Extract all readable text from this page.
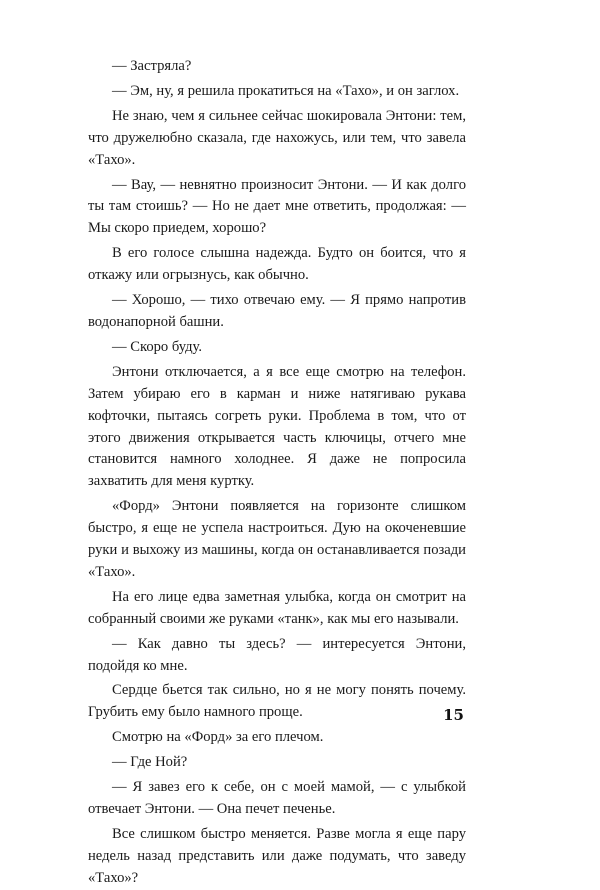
— Застряла?

— Эм, ну, я решила прокатиться на «Тахо», и он заглох.

Не знаю, чем я сильнее сейчас шокировала Энтони: тем, что дружелюбно сказала, где нахожусь, или тем, что завела «Тахо».

— Вау, — невнятно произносит Энтони. — И как долго ты там стоишь? — Но не дает мне ответить, продолжая: — Мы скоро приедем, хорошо?

В его голосе слышна надежда. Будто он боится, что я откажу или огрызнусь, как обычно.

— Хорошо, — тихо отвечаю ему. — Я прямо напротив водонапорной башни.

— Скоро буду.

Энтони отключается, а я все еще смотрю на телефон. Затем убираю его в карман и ниже натягиваю рукава кофточки, пытаясь согреть руки. Проблема в том, что от этого движения открывается часть ключицы, отчего мне становится намного холоднее. Я даже не попросила захватить для меня куртку.

«Форд» Энтони появляется на горизонте слишком быстро, я еще не успела настроиться. Дую на окоченевшие руки и выхожу из машины, когда он останавливается позади «Тахо».

На его лице едва заметная улыбка, когда он смотрит на собранный своими же руками «танк», как мы его называли.

— Как давно ты здесь? — интересуется Энтони, подойдя ко мне.

Сердце бьется так сильно, но я не могу понять почему. Грубить ему было намного проще.

Смотрю на «Форд» за его плечом.

— Где Ной?

— Я завез его к себе, он с моей мамой, — с улыбкой отвечает Энтони. — Она печет печенье.

Все слишком быстро меняется. Разве могла я еще пару недель назад представить или даже подумать, что заведу «Тахо»?

15
